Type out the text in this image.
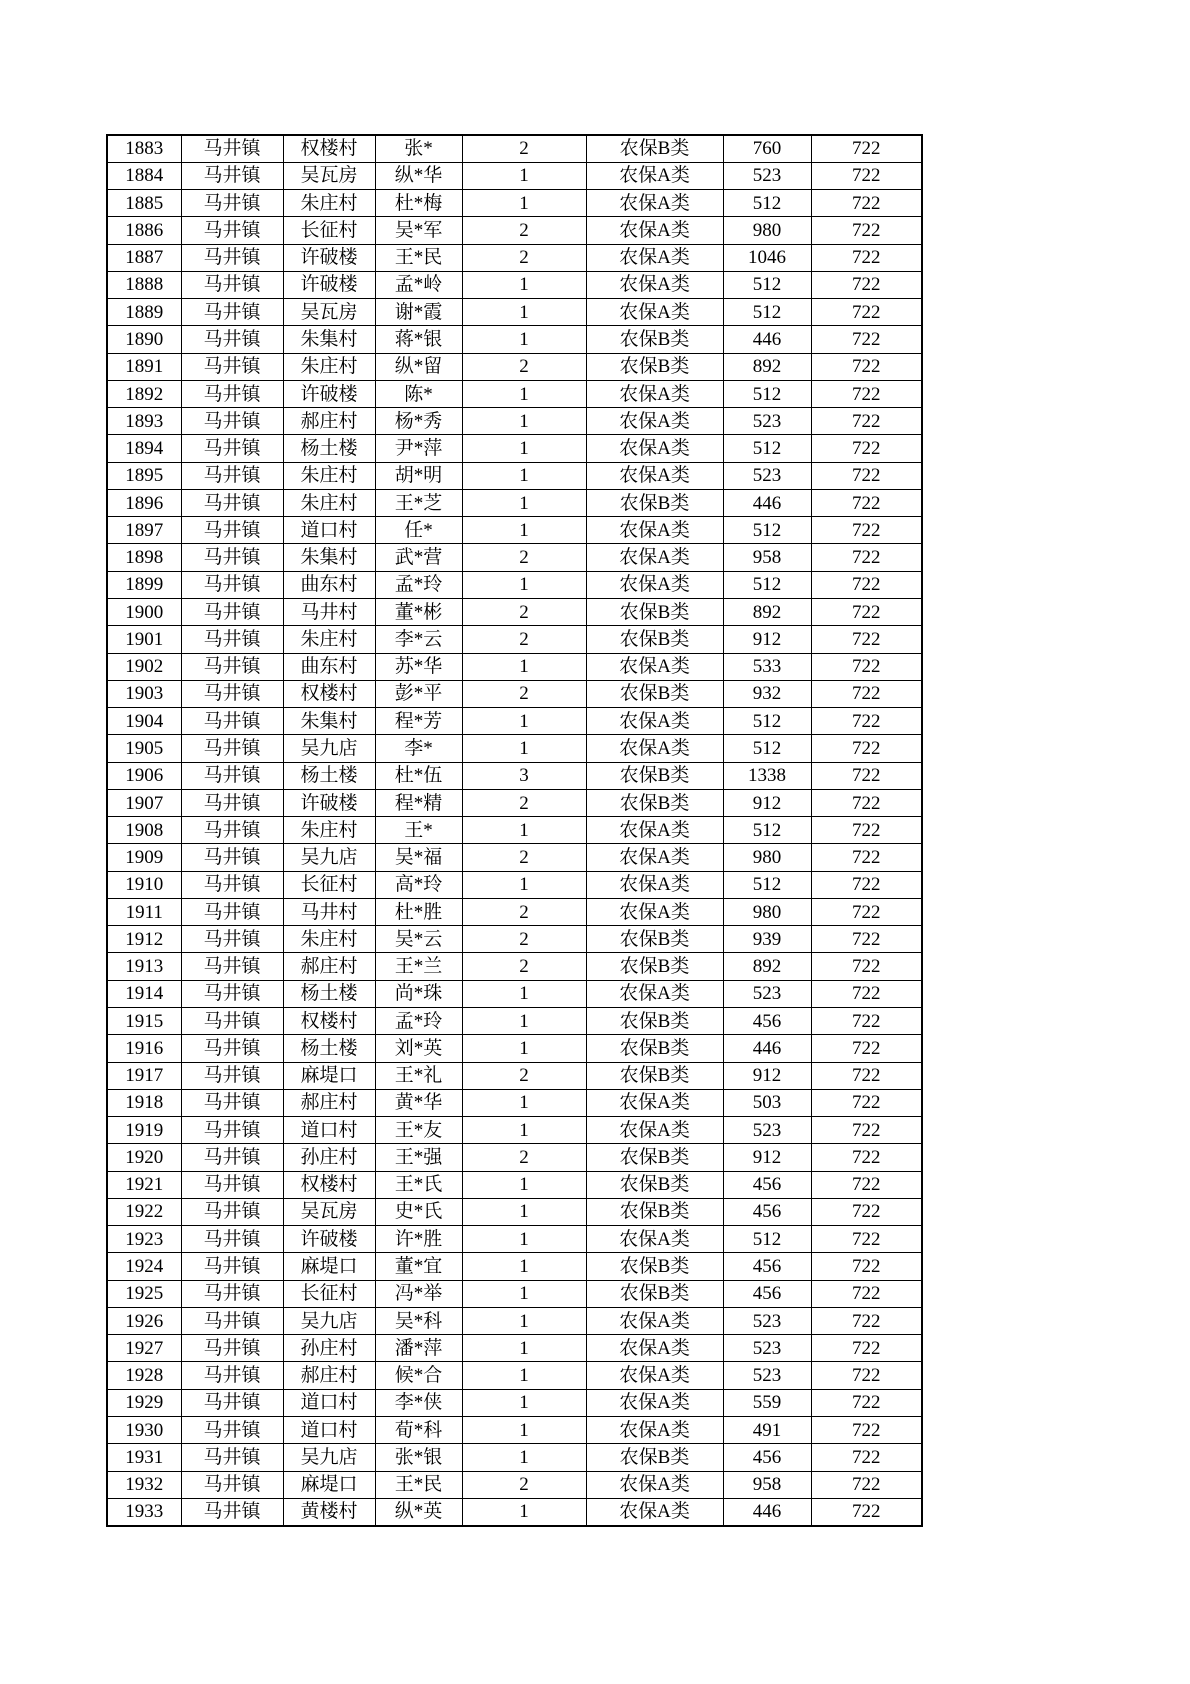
1883	马井镇	权楼村	张*	2	农保B类	760	722
1884	马井镇	吴瓦房	纵*华	1	农保A类	523	722
1885	马井镇	朱庄村	杜*梅	1	农保A类	512	722
1886	马井镇	长征村	吴*军	2	农保A类	980	722
1887	马井镇	许破楼	王*民	2	农保A类	1046	722
1888	马井镇	许破楼	孟*岭	1	农保A类	512	722
1889	马井镇	吴瓦房	谢*霞	1	农保A类	512	722
1890	马井镇	朱集村	蒋*银	1	农保B类	446	722
1891	马井镇	朱庄村	纵*留	2	农保B类	892	722
1892	马井镇	许破楼	陈*	1	农保A类	512	722
1893	马井镇	郝庄村	杨*秀	1	农保A类	523	722
1894	马井镇	杨土楼	尹*萍	1	农保A类	512	722
1895	马井镇	朱庄村	胡*明	1	农保A类	523	722
1896	马井镇	朱庄村	王*芝	1	农保B类	446	722
1897	马井镇	道口村	任*	1	农保A类	512	722
1898	马井镇	朱集村	武*营	2	农保A类	958	722
1899	马井镇	曲东村	孟*玲	1	农保A类	512	722
1900	马井镇	马井村	董*彬	2	农保B类	892	722
1901	马井镇	朱庄村	李*云	2	农保B类	912	722
1902	马井镇	曲东村	苏*华	1	农保A类	533	722
1903	马井镇	权楼村	彭*平	2	农保B类	932	722
1904	马井镇	朱集村	程*芳	1	农保A类	512	722
1905	马井镇	吴九店	李*	1	农保A类	512	722
1906	马井镇	杨土楼	杜*伍	3	农保B类	1338	722
1907	马井镇	许破楼	程*精	2	农保B类	912	722
1908	马井镇	朱庄村	王*	1	农保A类	512	722
1909	马井镇	吴九店	吴*福	2	农保A类	980	722
1910	马井镇	长征村	高*玲	1	农保A类	512	722
1911	马井镇	马井村	杜*胜	2	农保A类	980	722
1912	马井镇	朱庄村	吴*云	2	农保B类	939	722
1913	马井镇	郝庄村	王*兰	2	农保B类	892	722
1914	马井镇	杨土楼	尚*珠	1	农保A类	523	722
1915	马井镇	权楼村	孟*玲	1	农保B类	456	722
1916	马井镇	杨土楼	刘*英	1	农保B类	446	722
1917	马井镇	麻堤口	王*礼	2	农保B类	912	722
1918	马井镇	郝庄村	黄*华	1	农保A类	503	722
1919	马井镇	道口村	王*友	1	农保A类	523	722
1920	马井镇	孙庄村	王*强	2	农保B类	912	722
1921	马井镇	权楼村	王*氏	1	农保B类	456	722
1922	马井镇	吴瓦房	史*氏	1	农保B类	456	722
1923	马井镇	许破楼	许*胜	1	农保A类	512	722
1924	马井镇	麻堤口	董*宜	1	农保B类	456	722
1925	马井镇	长征村	冯*举	1	农保B类	456	722
1926	马井镇	吴九店	吴*科	1	农保A类	523	722
1927	马井镇	孙庄村	潘*萍	1	农保A类	523	722
1928	马井镇	郝庄村	候*合	1	农保A类	523	722
1929	马井镇	道口村	李*侠	1	农保A类	559	722
1930	马井镇	道口村	荀*科	1	农保A类	491	722
1931	马井镇	吴九店	张*银	1	农保B类	456	722
1932	马井镇	麻堤口	王*民	2	农保A类	958	722
1933	马井镇	黄楼村	纵*英	1	农保A类	446	722
